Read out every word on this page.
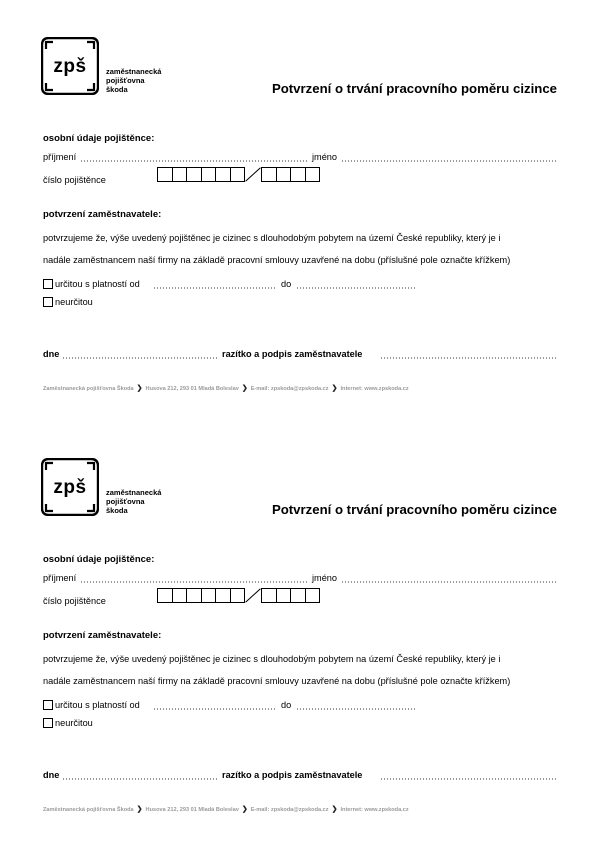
zpš	zaměstnanecká
pojišťovna
škoda	Potvrzení o trvání pracovního poměru cizince
osobní údaje pojištěnce:
příjmení	jméno
číslo pojištěnce
potvrzení zaměstnavatele:
potvrzujeme že, výše uvedený pojištěnec je cizinec s dlouhodobým pobytem na území České republiky, který je i
nadále zaměstnancem naší firmy na základě pracovní smlouvy uzavřené na dobu (příslušné pole označte křížkem)
určitou s platností od	do
neurčitou
dne	razítko a podpis zaměstnavatele
Zaměstnanecká pojišťovna Škoda ❯ Husova 212, 293 01 Mladá Boleslav ❯ E-mail: zpskoda@zpskoda.cz ❯ Internet: www.zpskoda.cz
zpš	zaměstnanecká
pojišťovna
škoda	Potvrzení o trvání pracovního poměru cizince
osobní údaje pojištěnce:
příjmení	jméno
číslo pojištěnce
potvrzení zaměstnavatele:
potvrzujeme že, výše uvedený pojištěnec je cizinec s dlouhodobým pobytem na území České republiky, který je i
nadále zaměstnancem naší firmy na základě pracovní smlouvy uzavřené na dobu (příslušné pole označte křížkem)
určitou s platností od	do
neurčitou
dne	razítko a podpis zaměstnavatele
Zaměstnanecká pojišťovna Škoda ❯ Husova 212, 293 01 Mladá Boleslav ❯ E-mail: zpskoda@zpskoda.cz ❯ Internet: www.zpskoda.cz
